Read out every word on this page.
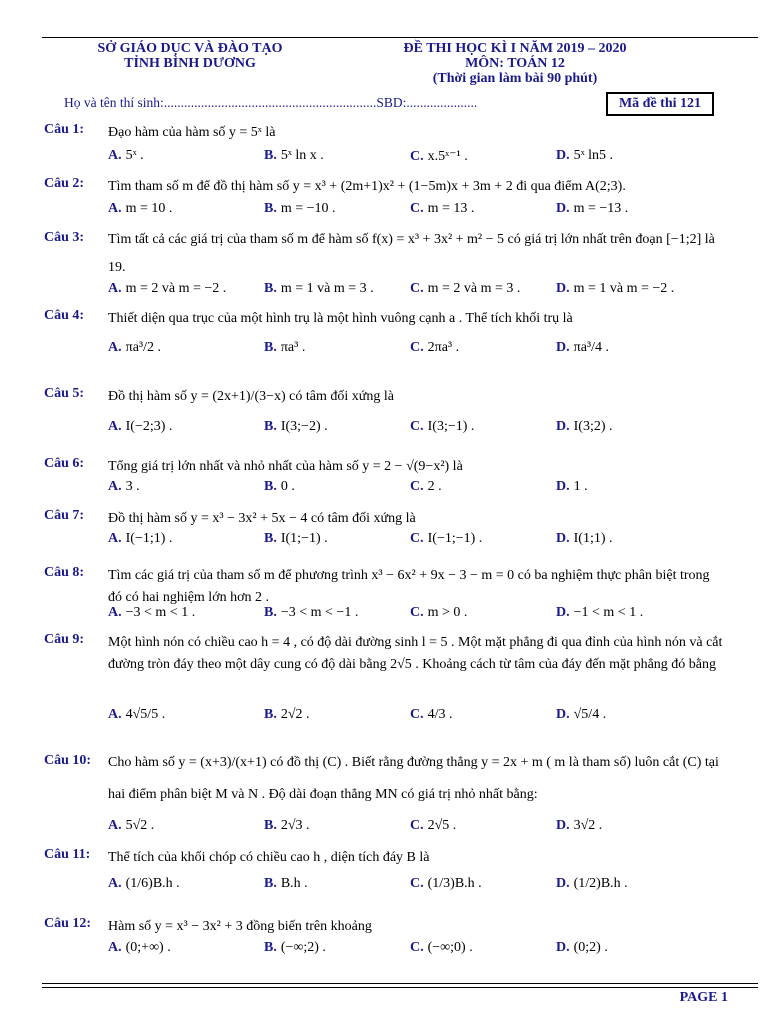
SỞ GIÁO DỤC VÀ ĐÀO TẠO
TỈNH BÌNH DƯƠNG
ĐỀ THI HỌC KÌ I NĂM 2019 – 2020
MÔN: TOÁN 12
(Thời gian làm bài 90 phút)
Họ và tên thí sinh:...............................................................SBD:.....................	Mã đề thi 121
Câu 1: Đạo hàm của hàm số y = 5ˣ là
A. 5ˣ .	B. 5ˣ ln x .	C. x.5ˣ⁻¹ .	D. 5ˣ ln5 .
Câu 2: Tìm tham số m để đồ thị hàm số y = x³ + (2m+1)x² + (1−5m)x + 3m + 2 đi qua điểm A(2;3).
A. m = 10 .	B. m = −10 .	C. m = 13 .	D. m = −13 .
Câu 3: Tìm tất cả các giá trị của tham số m để hàm số f(x) = x³ + 3x² + m² − 5 có giá trị lớn nhất trên đoạn [−1;2] là 19.
A. m = 2 và m = −2 .	B. m = 1 và m = 3 .	C. m = 2 và m = 3 .	D. m = 1 và m = −2 .
Câu 4: Thiết diện qua trục của một hình trụ là một hình vuông cạnh a . Thể tích khối trụ là
A. πa³/2 .	B. πa³ .	C. 2πa³ .	D. πa³/4 .
Câu 5: Đồ thị hàm số y = (2x+1)/(3−x) có tâm đối xứng là
A. I(−2;3) .	B. I(3;−2) .	C. I(3;−1) .	D. I(3;2) .
Câu 6: Tổng giá trị lớn nhất và nhỏ nhất của hàm số y = 2 − √(9−x²) là
A. 3 .	B. 0 .	C. 2 .	D. 1 .
Câu 7: Đồ thị hàm số y = x³ − 3x² + 5x − 4 có tâm đối xứng là
A. I(−1;1) .	B. I(1;−1) .	C. I(−1;−1) .	D. I(1;1) .
Câu 8: Tìm các giá trị của tham số m để phương trình x³ − 6x² + 9x − 3 − m = 0 có ba nghiệm thực phân biệt trong đó có hai nghiệm lớn hơn 2 .
A. −3 < m < 1 .	B. −3 < m < −1 .	C. m > 0 .	D. −1 < m < 1 .
Câu 9: Một hình nón có chiều cao h = 4 , có độ dài đường sinh l = 5 . Một mặt phẳng đi qua đỉnh của hình nón và cắt đường tròn đáy theo một dây cung có độ dài bằng 2√5 . Khoảng cách từ tâm của đáy đến mặt phẳng đó bằng
A. 4√5/5 .	B. 2√2 .	C. 4/3 .	D. √5/4 .
Câu 10: Cho hàm số y = (x+3)/(x+1) có đồ thị (C) . Biết rằng đường thẳng y = 2x + m ( m là tham số) luôn cắt (C) tại hai điểm phân biệt M và N . Độ dài đoạn thẳng MN có giá trị nhỏ nhất bằng:
A. 5√2 .	B. 2√3 .	C. 2√5 .	D. 3√2 .
Câu 11: Thể tích của khối chóp có chiều cao h , diện tích đáy B là
A. (1/6)B.h .	B. B.h .	C. (1/3)B.h .	D. (1/2)B.h .
Câu 12: Hàm số y = x³ − 3x² + 3 đồng biến trên khoảng
A. (0;+∞) .	B. (−∞;2) .	C. (−∞;0) .	D. (0;2) .
PAGE 1
